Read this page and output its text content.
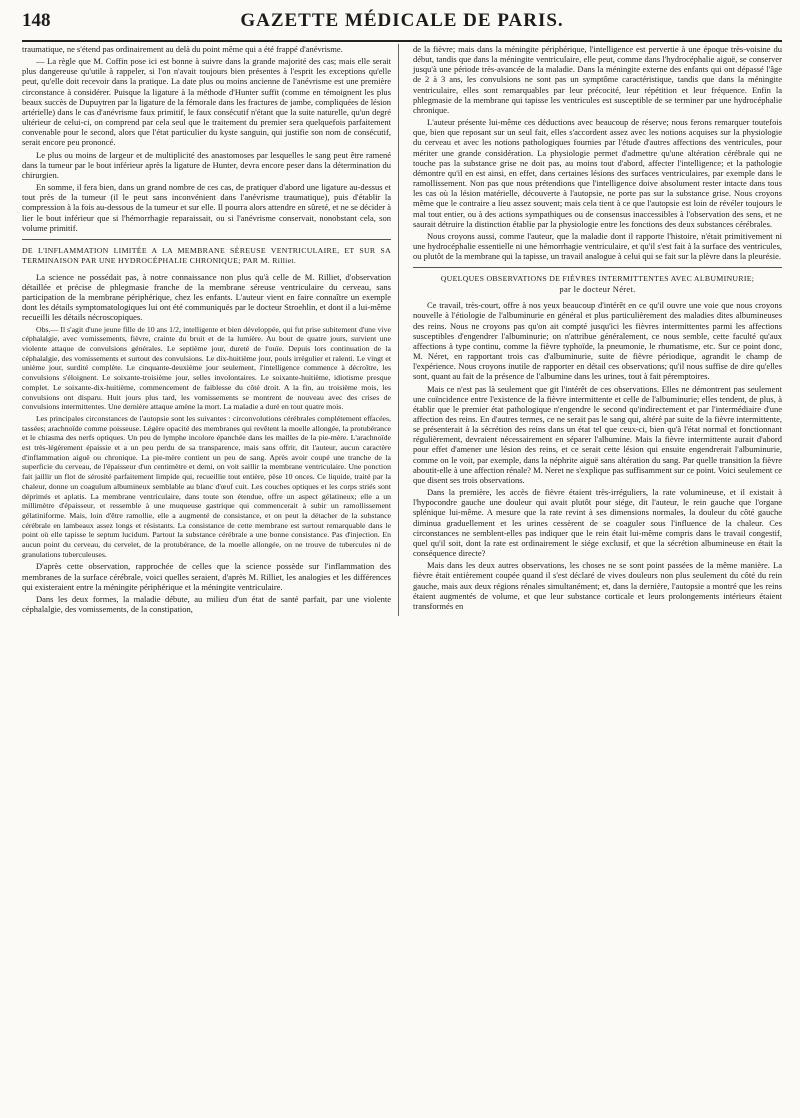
148	GAZETTE MÉDICALE DE PARIS.

traumatique, ne s'étend pas ordinairement au delà du point même qui a été frappé d'anévrisme.

— La règle que M. Coffin pose ici est bonne à suivre dans la grande majorité des cas; mais elle serait plus dangereuse qu'utile à rappeler, si l'on n'avait toujours bien présentes à l'esprit les exceptions qu'elle peut, qu'elle doit recevoir dans la pratique. La date plus ou moins ancienne de l'anévrisme est une première circonstance à considérer. Puisque la ligature à la méthode d'Hunter suffit (comme en témoignent les plus beaux succès de Dupuytren par la ligature de la fémorale dans les fractures de jambe, compliquées de lésion artérielle) dans le cas d'anévrisme faux primitif, le faux consécutif n'étant que la suite naturelle, qu'un degré ultérieur de celui-ci, on comprend par cela seul que le traitement du premier sera quelquefois parfaitement convenable pour le second, alors que l'état particulier du kyste sanguin, qui justifie son nom de consécutif, serait encore peu prononcé.

Le plus ou moins de largeur et de multiplicité des anastomoses par lesquelles le sang peut être ramené dans la tumeur par le bout inférieur après la ligature de Hunter, devra encore peser dans la détermination du chirurgien.

En somme, il fera bien, dans un grand nombre de ces cas, de pratiquer d'abord une ligature au-dessus et tout près de la tumeur (il le peut sans inconvénient dans l'anévrisme traumatique), puis d'établir la compression à la fois au-dessous de la tumeur et sur elle. Il pourra alors attendre en sûreté, et ne se décider à lier le bout inférieur que si l'hémorrhagie reparaissait, ou si l'anévrisme conservait, nonobstant cela, son volume primitif.

DE L'INFLAMMATION LIMITÉE A LA MEMBRANE SÉREUSE VENTRICULAIRE, ET SUR SA TERMINAISON PAR UNE HYDROCÉPHALIE CHRONIQUE; PAR M. Rilliet.

La science ne possédait pas, à notre connaissance non plus qu'à celle de M. Rilliet, d'observation détaillée et précise de phlegmasie franche de la membrane séreuse ventriculaire du cerveau, sans participation de la membrane périphérique, chez les enfants. L'auteur vient en faire connaître un exemple dont les détails symptomatologiques lui ont été communiqués par le docteur Stroehlin, et dont il a lui-même recueilli les détails nécroscopiques.

Obs.— Il s'agit d'une jeune fille de 10 ans 1/2, intelligente et bien développée, qui fut prise subitement d'une vive céphalalgie, avec vomissements, fièvre, crainte du bruit et de la lumière. Au bout de quatre jours, survient une violente attaque de convulsions générales. Le septième jour, dureté de l'ouïe. Depuis lors continuation de la céphalalgie, des vomissements et surtout des convulsions. Le dix-huitième jour, pouls irrégulier et ralenti. Le vingt et unième jour, surdité complète. Le cinquante-deuxième jour seulement, l'intelligence commence à décroître, les convulsions s'éloignent. Le soixante-troisième jour, selles involontaires. Le soixante-huitième, idiotisme presque complet. Le soixante-dix-huitième, commencement de faiblesse du côté droit. A la fin, au troisième mois, les convulsions ont disparu. Huit jours plus tard, les vomissements se montrent de nouveau avec des crises de convulsions intermittentes. Une dernière attaque amène la mort. La maladie a duré en tout quatre mois.

Les principales circonstances de l'autopsie sont les suivantes : circonvolutions cérébrales complétement effacées, tassées; arachnoïde comme poisseuse. Légère opacité des membranes qui revêtent la moelle allongée, la protubérance et le chiasma des nerfs optiques. Un peu de lymphe incolore épanchée dans les mailles de la pie-mère. L'arachnoïde est très-légèrement épaissie et a un peu perdu de sa transparence, mais sans offrir, dit l'auteur, aucun caractère d'inflammation aiguë ou chronique. La pie-mère contient un peu de sang. Après avoir coupé une tranche de la superficie du cerveau, de l'épaisseur d'un centimètre et demi, on voit saillir la membrane ventriculaire. Une ponction fait jaillir un flot de sérosité parfaitement limpide qui, recueillie tout entière, pèse 10 onces. Ce liquide, traité par la chaleur, donne un coagulum albumineux semblable au blanc d'œuf cuit. Les couches optiques et les corps striés sont déprimés et aplatis. La membrane ventriculaire, dans toute son étendue, offre un aspect gélatineux; elle a un millimètre d'épaisseur, et ressemble à une muqueuse gastrique qui commencerait à subir un ramollissement gélatiniforme. Mais, loin d'être ramollie, elle a augmenté de consistance, et on peut la détacher de la substance cérébrale en lambeaux assez longs et résistants. La consistance de cette membrane est surtout remarquable dans le point où elle tapisse le septum lucidum. Partout la substance cérébrale a une bonne consistance. Pas d'injection. En aucun point du cerveau, du cervelet, de la protubérance, de la moelle allongée, on ne trouve de tubercules ni de granulations tuberculeuses.

D'après cette observation, rapprochée de celles que la science possède sur l'inflammation des membranes de la surface cérébrale, voici quelles seraient, d'après M. Rilliet, les analogies et les différences qui existeraient entre la méningite périphérique et la méningite ventriculaire.

Dans les deux formes, la maladie débute, au milieu d'un état de santé parfait, par une violente céphalalgie, des vomissements, de la constipation,

de la fièvre; mais dans la méningite périphérique, l'intelligence est pervertie à une époque très-voisine du début, tandis que dans la méningite ventriculaire, elle peut, comme dans l'hydrocéphalie aiguë, se conserver jusqu'à une période très-avancée de la maladie. Dans la méningite externe des enfants qui ont dépassé l'âge de 2 à 3 ans, les convulsions ne sont pas un symptôme caractéristique, tandis que dans la méningite ventriculaire, elles sont remarquables par leur précocité, leur répétition et leur fréquence. Enfin la phlegmasie de la membrane qui tapisse les ventricules est susceptible de se terminer par une hydrocéphalie chronique.

L'auteur présente lui-même ces déductions avec beaucoup de réserve; nous ferons remarquer toutefois que, bien que reposant sur un seul fait, elles s'accordent assez avec les notions acquises sur la physiologie du cerveau et avec les notions pathologiques fournies par l'étude d'autres affections des ventricules, pour mériter une grande considération. La physiologie permet d'admettre qu'une altération cérébrale qui ne touche pas la substance grise ne doit pas, au moins tout d'abord, affecter l'intelligence; et la pathologie démontre qu'il en est ainsi, en effet, dans certaines lésions des surfaces ventriculaires, par exemple dans le ramollissement. Non pas que nous prétendions que l'intelligence doive absolument rester intacte dans tous les cas où la lésion matérielle, découverte à l'autopsie, ne porte pas sur la substance grise. Nous croyons même que le contraire a lieu assez souvent; mais cela tient à ce que l'autopsie est loin de révéler toujours le mal tout entier, ou à des actions sympathiques ou de consensus inaccessibles à l'observation des sens, et ne saurait détruire la distinction établie par la physiologie entre les fonctions des deux substances cérébrales.

Nous croyons aussi, comme l'auteur, que la maladie dont il rapporte l'histoire, n'était primitivement ni une hydrocéphalie essentielle ni une hémorrhagie ventriculaire, et qu'il s'est fait à la surface des ventricules, ou plutôt de la membrane qui la tapisse, un travail analogue à celui qui se fait sur la plèvre dans la pleurésie.

QUELQUES OBSERVATIONS DE FIÈVRES INTERMITTENTES AVEC ALBUMINURIE;
par le docteur Néret.

Ce travail, très-court, offre à nos yeux beaucoup d'intérêt en ce qu'il ouvre une voie que nous croyons nouvelle à l'étiologie de l'albuminurie en général et plus particulièrement des maladies dites albumineuses des reins. Nous ne croyons pas qu'on ait compté jusqu'ici les fièvres intermittentes parmi les affections susceptibles d'engendrer l'albuminurie; on n'attribue généralement, ce nous semble, cette faculté qu'aux affections à type continu, comme la fièvre typhoïde, la pneumonie, le rhumatisme, etc. Sur ce point donc, M. Néret, en rapportant trois cas d'albuminurie, suite de fièvre périodique, agrandit le champ de l'expérience. Nous croyons inutile de rapporter en détail ces observations; qu'il nous suffise de dire qu'elles sont, quant au fait de la présence de l'albumine dans les urines, tout à fait péremptoires.

Mais ce n'est pas là seulement que git l'intérêt de ces observations. Elles ne démontrent pas seulement une coïncidence entre l'existence de la fièvre intermittente et celle de l'albuminurie; elles tendent, de plus, à établir que le premier état pathologique n'engendre le second qu'indirectement et par l'intermédiaire d'une affection des reins. En d'autres termes, ce ne serait pas le sang qui, altéré par suite de la fièvre intermittente, se présenterait à la sécrétion des reins dans un état tel que ceux-ci, bien qu'à l'état normal et fonctionnant régulièrement, devraient nécessairement en séparer l'albumine. Mais la fièvre intermittente aurait d'abord pour effet d'amener une lésion des reins, et ce serait cette lésion qui ensuite engendrerait l'albuminurie, comme on le voit, par exemple, dans la néphrite aiguë sans altération du sang. Par quelle transition la fièvre aboutit-elle à une affection rénale? M. Neret ne s'explique pas suffisamment sur ce point. Voici seulement ce que disent ses trois observations.

Dans la première, les accès de fièvre étaient très-irréguliers, la rate volumineuse, et il existait à l'hypocondre gauche une douleur qui avait plutôt pour siége, dit l'auteur, le rein gauche que l'organe splénique lui-même. A mesure que la rate revint à ses dimensions normales, la douleur du côté gauche diminua graduellement et les urines cessèrent de se coaguler sous l'influence de la chaleur. Ces circonstances ne semblent-elles pas indiquer que le rein était lui-même compris dans le travail congestif, quel qu'il soit, dont la rate est ordinairement le siége exclusif, et que la sécrétion albumineuse en était la conséquence directe?

Mais dans les deux autres observations, les choses ne se sont point passées de la même manière. La fièvre était entièrement coupée quand il s'est déclaré de vives douleurs non plus seulement du côté du rein gauche, mais aux deux régions rénales simultanément; et, dans la dernière, l'autopsie a montré que les reins étaient augmentés de volume, et que leur substance corticale et leurs prolongements intérieurs étaient transformés en
